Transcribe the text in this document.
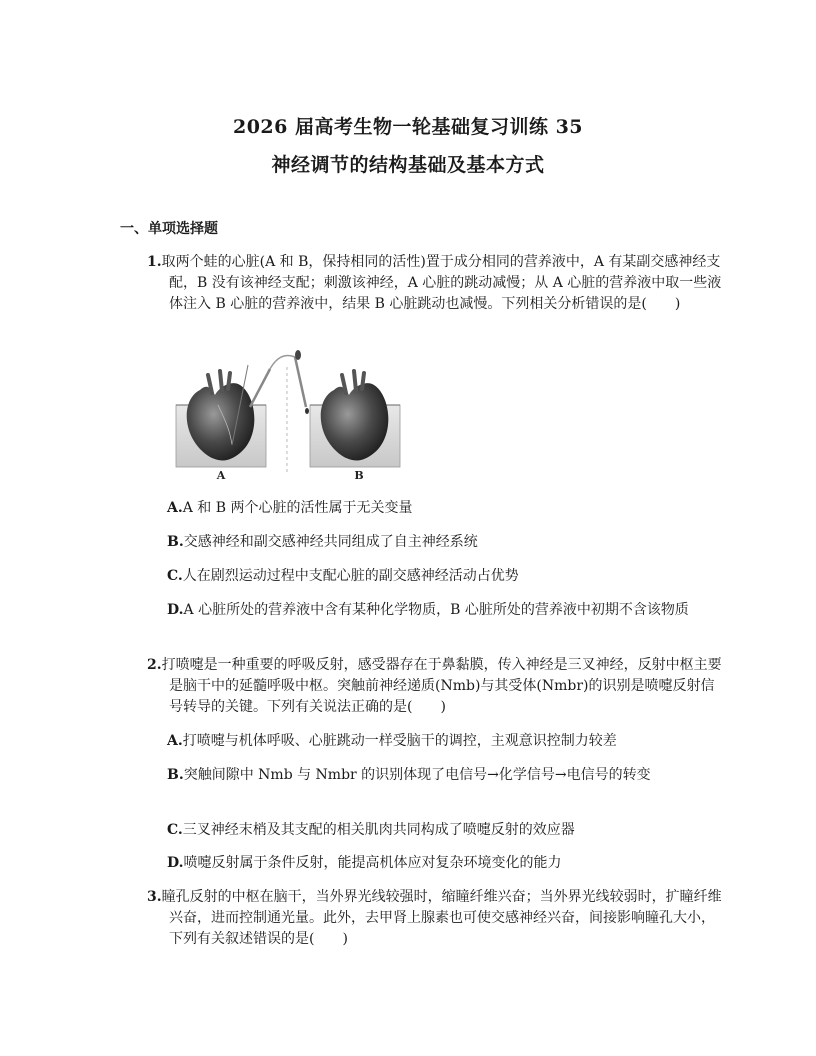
2026 届高考生物一轮基础复习训练 35
神经调节的结构基础及基本方式
一、单项选择题
1.取两个蛙的心脏(A 和 B，保持相同的活性)置于成分相同的营养液中，A 有某副交感神经支配，B 没有该神经支配；刺激该神经，A 心脏的跳动减慢；从 A 心脏的营养液中取一些液体注入 B 心脏的营养液中，结果 B 心脏跳动也减慢。下列相关分析错误的是(　　)
A	B
A.A 和 B 两个心脏的活性属于无关变量
B.交感神经和副交感神经共同组成了自主神经系统
C.人在剧烈运动过程中支配心脏的副交感神经活动占优势
D.A 心脏所处的营养液中含有某种化学物质，B 心脏所处的营养液中初期不含该物质
2.打喷嚏是一种重要的呼吸反射，感受器存在于鼻黏膜，传入神经是三叉神经，反射中枢主要是脑干中的延髓呼吸中枢。突触前神经递质(Nmb)与其受体(Nmbr)的识别是喷嚏反射信号转导的关键。下列有关说法正确的是(　　)
A.打喷嚏与机体呼吸、心脏跳动一样受脑干的调控，主观意识控制力较差
B.突触间隙中 Nmb 与 Nmbr 的识别体现了电信号→化学信号→电信号的转变
C.三叉神经末梢及其支配的相关肌肉共同构成了喷嚏反射的效应器
D.喷嚏反射属于条件反射，能提高机体应对复杂环境变化的能力
3.瞳孔反射的中枢在脑干，当外界光线较强时，缩瞳纤维兴奋；当外界光线较弱时，扩瞳纤维兴奋，进而控制通光量。此外，去甲肾上腺素也可使交感神经兴奋，间接影响瞳孔大小，下列有关叙述错误的是(　　)
